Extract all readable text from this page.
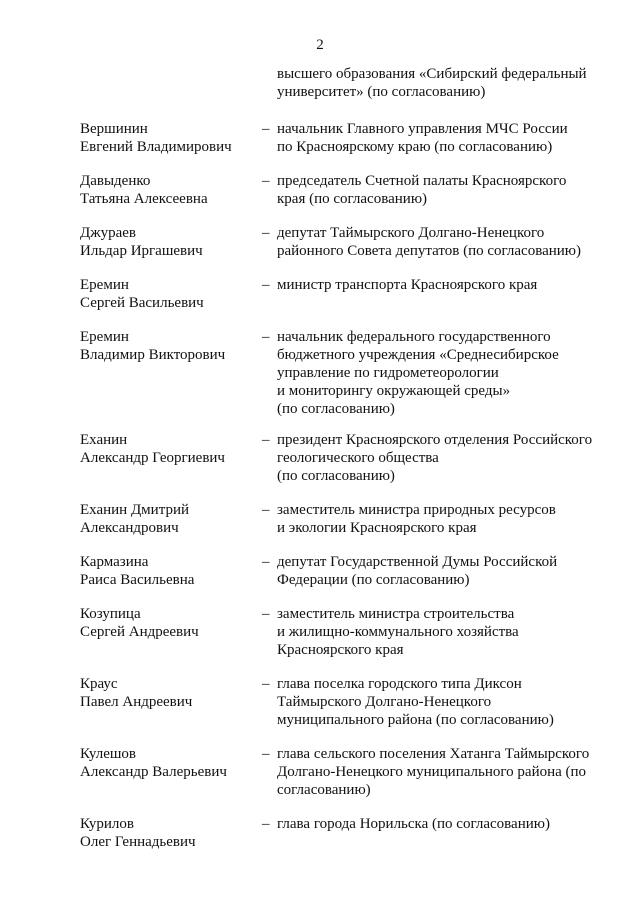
2
высшего образования «Сибирский федеральный
университет» (по согласованию)
Вершинин
Евгений Владимирович
– начальник Главного управления МЧС России
по Красноярскому краю (по согласованию)
Давыденко
Татьяна Алексеевна
– председатель Счетной палаты Красноярского
края (по согласованию)
Джураев
Ильдар Иргашевич
– депутат Таймырского Долгано-Ненецкого
районного Совета депутатов (по согласованию)
Еремин
Сергей Васильевич
– министр транспорта Красноярского края
Еремин
Владимир Викторович
– начальник федерального государственного
бюджетного учреждения «Среднесибирское
управление по гидрометеорологии
и мониторингу окружающей среды»
(по согласованию)
Еханин
Александр Георгиевич
– президент Красноярского отделения Российского
геологического общества
(по согласованию)
Еханин Дмитрий
Александрович
– заместитель министра природных ресурсов
и экологии Красноярского края
Кармазина
Раиса Васильевна
– депутат Государственной Думы Российской
Федерации (по согласованию)
Козупица
Сергей Андреевич
– заместитель министра строительства
и жилищно-коммунального хозяйства
Красноярского края
Краус
Павел Андреевич
– глава поселка городского типа Диксон
Таймырского Долгано-Ненецкого
муниципального района (по согласованию)
Кулешов
Александр Валерьевич
– глава сельского поселения Хатанга Таймырского
Долгано-Ненецкого муниципального района (по
согласованию)
Курилов
Олег Геннадьевич
– глава города Норильска (по согласованию)
